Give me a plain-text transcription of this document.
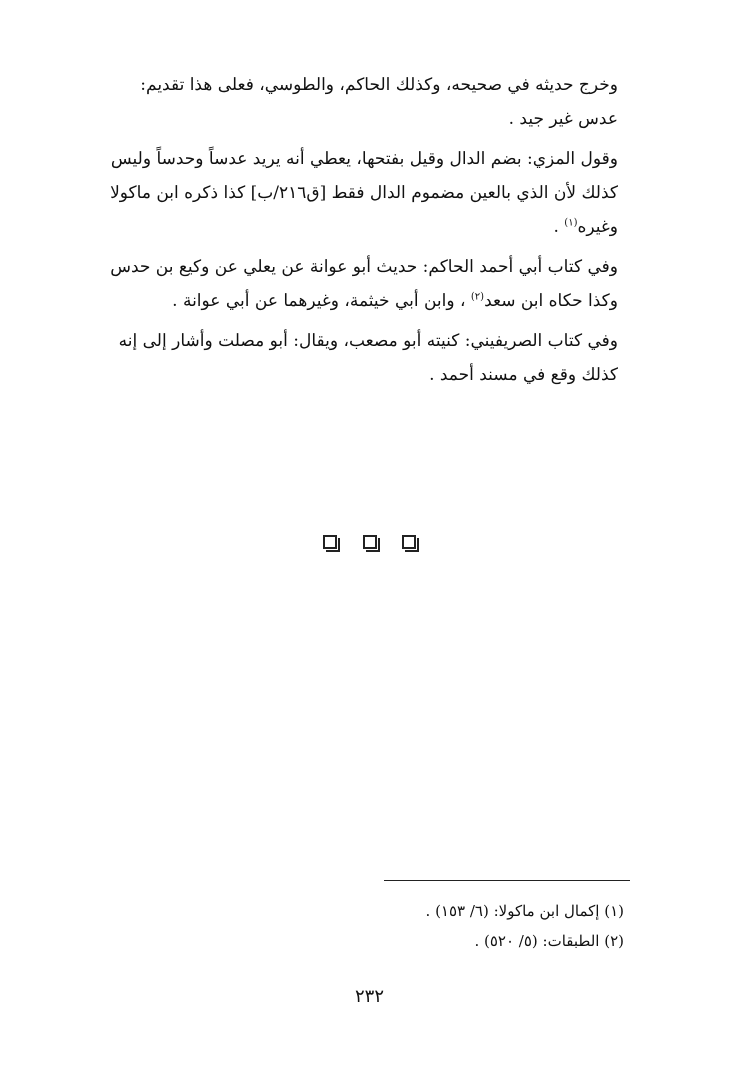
وخرج حديثه في صحيحه، وكذلك الحاكم، والطوسي، فعلى هذا تقديم:
عدس غير جيد .

وقول المزي: بضم الدال وقيل بفتحها، يعطي أنه يريد عدساً وحدساً وليس
كذلك لأن الذي بالعين مضموم الدال فقط [ق٢١٦/ب] كذا ذكره ابن ماكولا
وغيره$^{(١)}$ .

وفي كتاب أبي أحمد الحاكم: حديث أبو عوانة عن يعلي عن وكيع بن حدس
وكذا حكاه ابن سعد$^{(٢)}$ ، وابن أبي خيثمة، وغيرهما عن أبي عوانة .

وفي كتاب الصريفيني: كنيته أبو مصعب، ويقال: أبو مصلت وأشار إلى إنه
كذلك وقع في مسند أحمد .

(١) إكمال ابن ماكولا: (٦/ ١٥٣) .
(٢) الطبقات: (٥/ ٥٢٠) .
٢٣٢
